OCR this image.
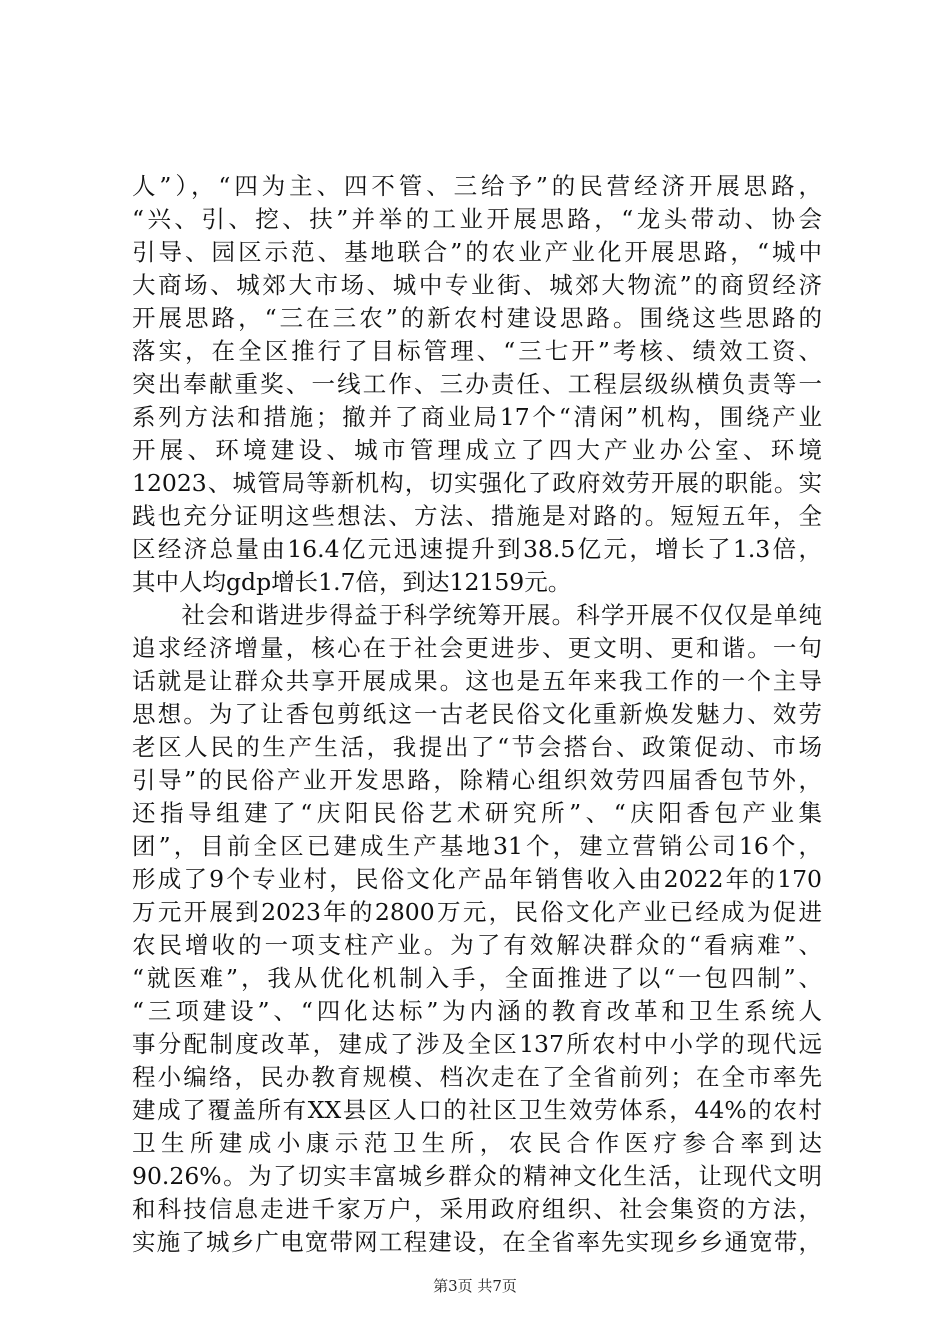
人”），“四为主、四不管、三给予”的民营经济开展思路，
“兴、引、挖、扶”并举的工业开展思路，“龙头带动、协会
引导、园区示范、基地联合”的农业产业化开展思路，“城中
大商场、城郊大市场、城中专业街、城郊大物流”的商贸经济
开展思路，“三在三农”的新农村建设思路。围绕这些思路的
落实，在全区推行了目标管理、“三七开”考核、绩效工资、
突出奉献重奖、一线工作、三办责任、工程层级纵横负责等一
系列方法和措施；撤并了商业局17个“清闲”机构，围绕产业
开展、环境建设、城市管理成立了四大产业办公室、环境
12023、城管局等新机构，切实强化了政府效劳开展的职能。实
践也充分证明这些想法、方法、措施是对路的。短短五年，全
区经济总量由16.4亿元迅速提升到38.5亿元，增长了1.3倍，
其中人均gdp增长1.7倍，到达12159元。
　　社会和谐进步得益于科学统筹开展。科学开展不仅仅是单纯
追求经济增量，核心在于社会更进步、更文明、更和谐。一句
话就是让群众共享开展成果。这也是五年来我工作的一个主导
思想。为了让香包剪纸这一古老民俗文化重新焕发魅力、效劳
老区人民的生产生活，我提出了“节会搭台、政策促动、市场
引导”的民俗产业开发思路，除精心组织效劳四届香包节外，
还指导组建了“庆阳民俗艺术研究所”、“庆阳香包产业集
团”，目前全区已建成生产基地31个，建立营销公司16个，
形成了9个专业村，民俗文化产品年销售收入由2022年的170
万元开展到2023年的2800万元，民俗文化产业已经成为促进
农民增收的一项支柱产业。为了有效解决群众的“看病难”、
“就医难”，我从优化机制入手，全面推进了以“一包四制”、
“三项建设”、“四化达标”为内涵的教育改革和卫生系统人
事分配制度改革，建成了涉及全区137所农村中小学的现代远
程小编络，民办教育规模、档次走在了全省前列；在全市率先
建成了覆盖所有XX县区人口的社区卫生效劳体系，44%的农村
卫生所建成小康示范卫生所，农民合作医疗参合率到达
90.26%。为了切实丰富城乡群众的精神文化生活，让现代文明
和科技信息走进千家万户，采用政府组织、社会集资的方法，
实施了城乡广电宽带网工程建设，在全省率先实现乡乡通宽带，
第3页 共7页
